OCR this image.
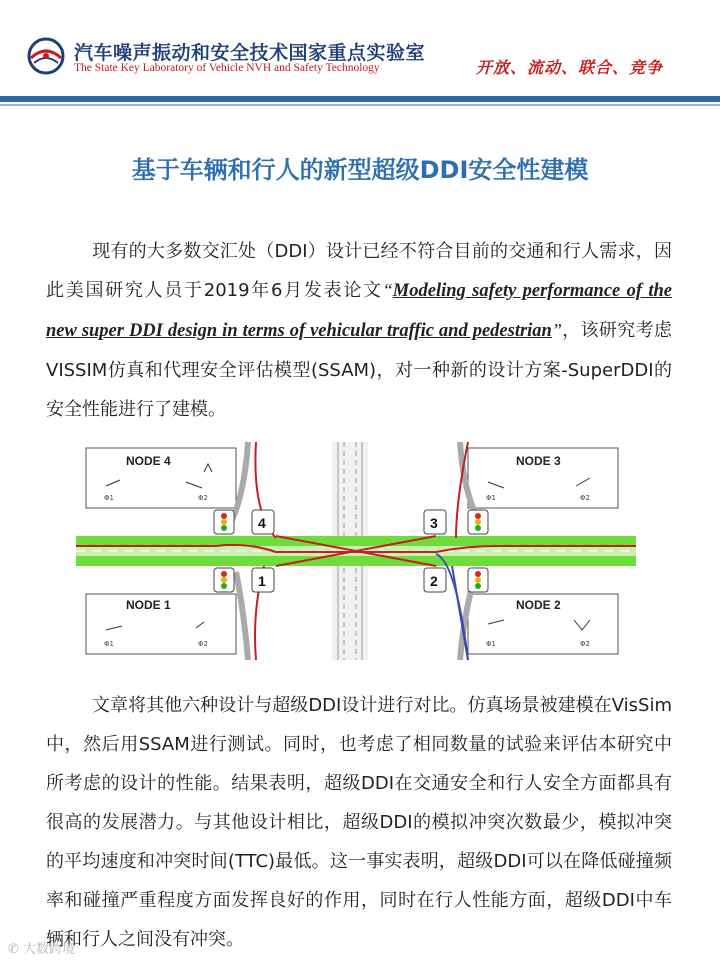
汽车噪声振动和安全技术国家重点实验室
The State Key Laboratory of Vehicle NVH and Safety Technology	开放、流动、联合、竞争
基于车辆和行人的新型超级DDI安全性建模
现有的大多数交汇处（DDI）设计已经不符合目前的交通和行人需求，因此美国研究人员于2019年6月发表论文“Modeling safety performance of the new super DDI design in terms of vehicular traffic and pedestrian”，该研究考虑VISSIM仿真和代理安全评估模型(SSAM)，对一种新的设计方案-SuperDDI的安全性能进行了建模。
NODE 4	NODE 3
NODE 1	NODE 2
Φ1	Φ2	Φ1	Φ2
Φ1	Φ2	Φ1	Φ2
4	3
1	2
文章将其他六种设计与超级DDI设计进行对比。仿真场景被建模在VisSim中，然后用SSAM进行测试。同时，也考虑了相同数量的试验来评估本研究中所考虑的设计的性能。结果表明，超级DDI在交通安全和行人安全方面都具有很高的发展潜力。与其他设计相比，超级DDI的模拟冲突次数最少，模拟冲突的平均速度和冲突时间(TTC)最低。这一事实表明，超级DDI可以在降低碰撞频率和碰撞严重程度方面发挥良好的作用，同时在行人性能方面，超级DDI中车辆和行人之间没有冲突。
✆ 大数跨境
